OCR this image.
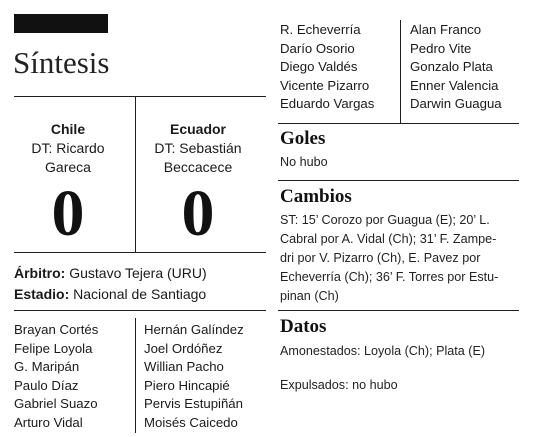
Síntesis
Chile
DT: Ricardo
Gareca
0
Ecuador
DT: Sebastián
Beccacece
0
Árbitro: Gustavo Tejera (URU)
Estadio: Nacional de Santiago
Brayan Cortés
Felipe Loyola
G. Maripán
Paulo Díaz
Gabriel Suazo
Arturo Vidal
Hernán Galíndez
Joel Ordóñez
Willian Pacho
Piero Hincapié
Pervis Estupiñán
Moisés Caicedo
R. Echeverría
Darío Osorio
Diego Valdés
Vicente Pizarro
Eduardo Vargas
Alan Franco
Pedro Vite
Gonzalo Plata
Enner Valencia
Darwin Guagua
Goles
No hubo
Cambios
ST: 15’ Corozo por Guagua (E); 20’ L.
Cabral por A. Vidal (Ch); 31’ F. Zampe-
dri por V. Pizarro (Ch), E. Pavez por
Echeverría (Ch); 36’ F. Torres por Estu-
pinan (Ch)
Datos
Amonestados: Loyola (Ch); Plata (E)
Expulsados: no hubo
